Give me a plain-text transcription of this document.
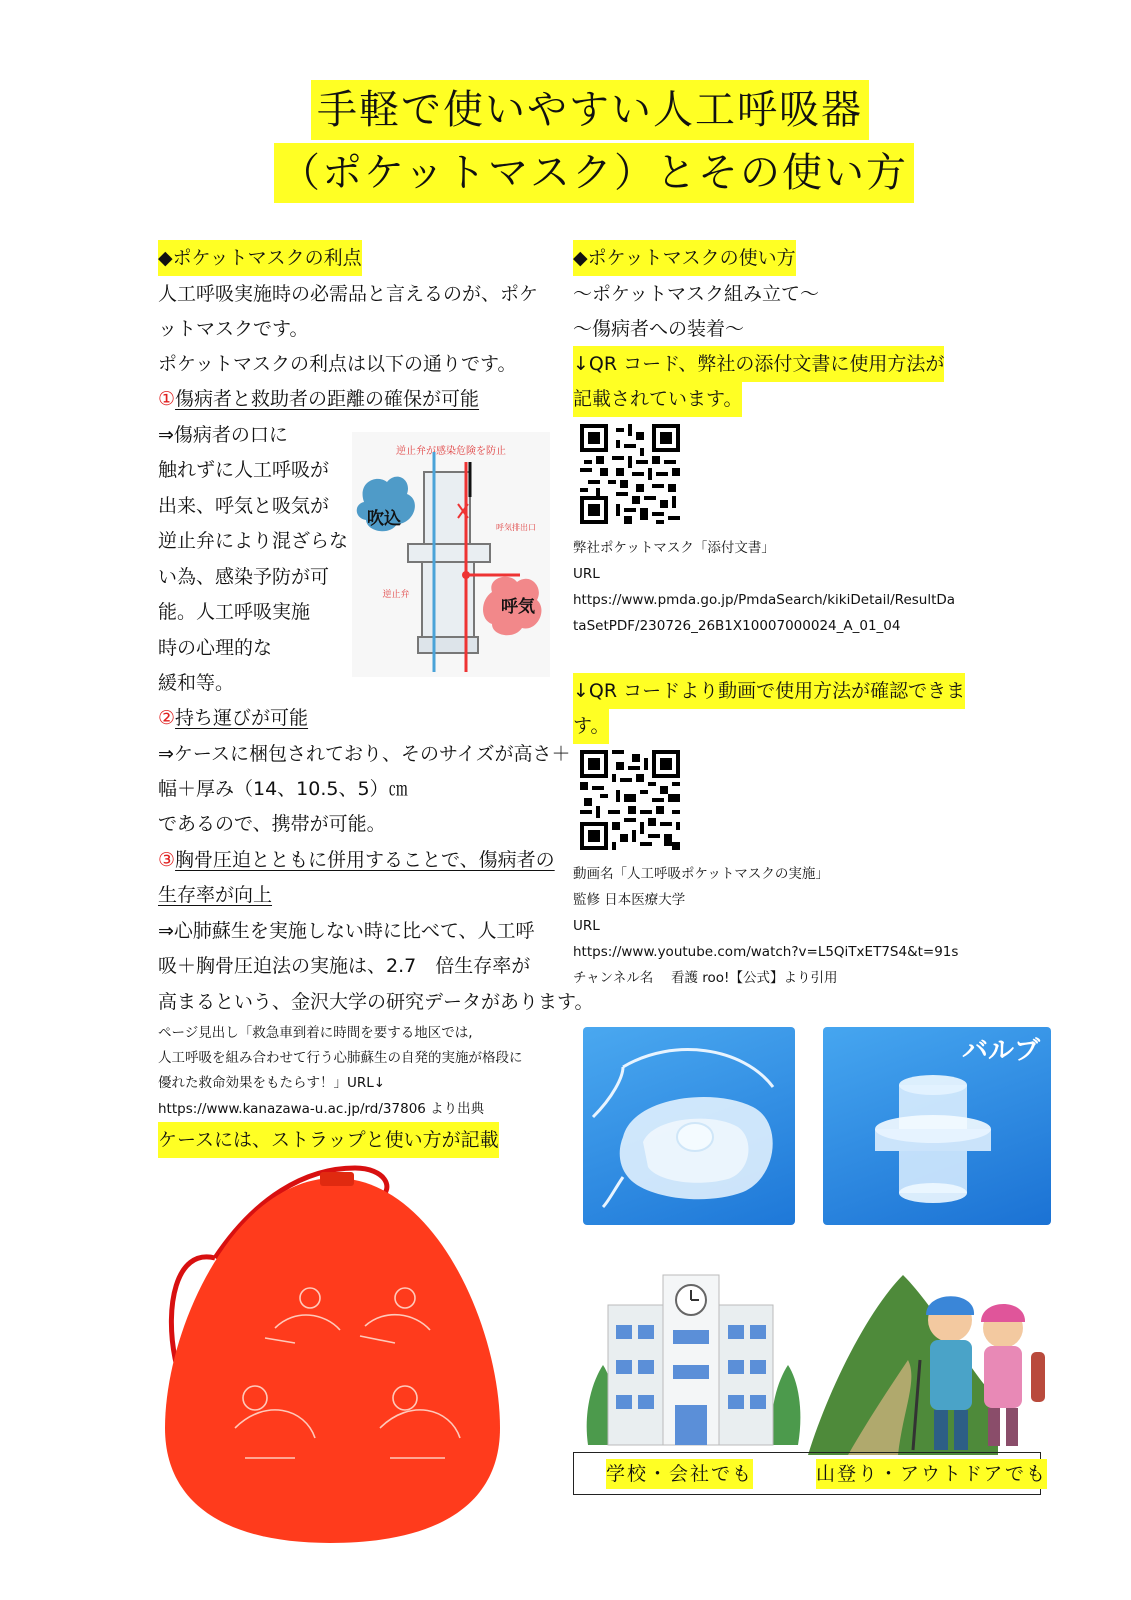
手軽で使いやすい人工呼吸器
（ポケットマスク）とその使い方
◆ポケットマスクの利点
人工呼吸実施時の必需品と言えるのが、ポケ
ットマスクです。
ポケットマスクの利点は以下の通りです。
①傷病者と救助者の距離の確保が可能
⇒傷病者の口に
触れずに人工呼吸が
出来、呼気と吸気が
逆止弁により混ざらな
い為、感染予防が可
能。人工呼吸実施
時の心理的な
緩和等。
逆止弁が感染危険を防止
吹込	呼気排出口
逆止弁
呼気
②持ち運びが可能
⇒ケースに梱包されており、そのサイズが高さ＋
幅＋厚み（14、10.5、5）㎝
であるので、携帯が可能。
③胸骨圧迫とともに併用することで、傷病者の
生存率が向上
⇒心肺蘇生を実施しない時に比べて、人工呼
吸＋胸骨圧迫法の実施は、2.7　倍生存率が
高まるという、金沢大学の研究データがあります。
ページ見出し「救急車到着に時間を要する地区では,
人工呼吸を組み合わせて行う心肺蘇生の自発的実施が格段に
優れた救命効果をもたらす！」URL↓
https://www.kanazawa-u.ac.jp/rd/37806 より出典
ケースには、ストラップと使い方が記載
◆ポケットマスクの使い方
～ポケットマスク組み立て～
～傷病者への装着～
↓QR コード、弊社の添付文書に使用方法が
記載されています。
弊社ポケットマスク「添付文書」
URL
https://www.pmda.go.jp/PmdaSearch/kikiDetail/ResultDa
taSetPDF/230726_26B1X10007000024_A_01_04
↓QR コードより動画で使用方法が確認できま
す。
動画名「人工呼吸ポケットマスクの実施」
監修 日本医療大学
URL
https://www.youtube.com/watch?v=L5QiTxET7S4&t=91s
チャンネル名　 看護 roo!【公式】より引用
バルブ
学校・会社でも	山登り・アウトドアでも
